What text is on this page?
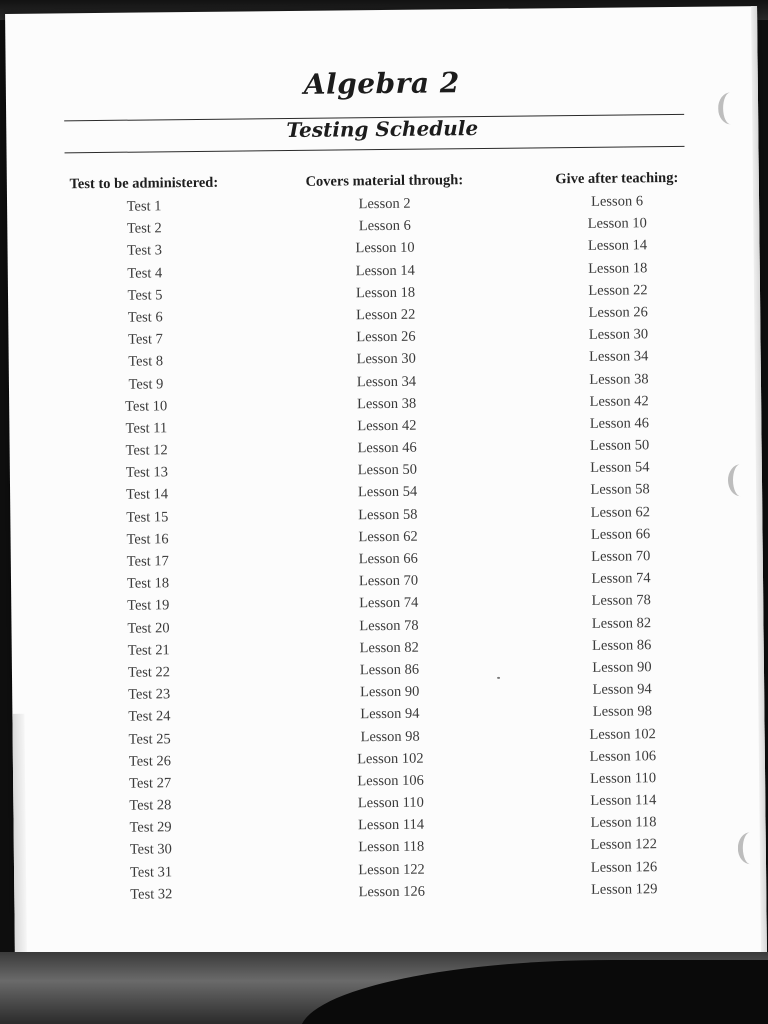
Algebra 2
Testing Schedule
Test to be administered:
Test 1
Test 2
Test 3
Test 4
Test 5
Test 6
Test 7
Test 8
Test 9
Test 10
Test 11
Test 12
Test 13
Test 14
Test 15
Test 16
Test 17
Test 18
Test 19
Test 20
Test 21
Test 22
Test 23
Test 24
Test 25
Test 26
Test 27
Test 28
Test 29
Test 30
Test 31
Test 32
Covers material through:
Lesson 2
Lesson 6
Lesson 10
Lesson 14
Lesson 18
Lesson 22
Lesson 26
Lesson 30
Lesson 34
Lesson 38
Lesson 42
Lesson 46
Lesson 50
Lesson 54
Lesson 58
Lesson 62
Lesson 66
Lesson 70
Lesson 74
Lesson 78
Lesson 82
Lesson 86
Lesson 90
Lesson 94
Lesson 98
Lesson 102
Lesson 106
Lesson 110
Lesson 114
Lesson 118
Lesson 122
Lesson 126
Give after teaching:
Lesson 6
Lesson 10
Lesson 14
Lesson 18
Lesson 22
Lesson 26
Lesson 30
Lesson 34
Lesson 38
Lesson 42
Lesson 46
Lesson 50
Lesson 54
Lesson 58
Lesson 62
Lesson 66
Lesson 70
Lesson 74
Lesson 78
Lesson 82
Lesson 86
Lesson 90
Lesson 94
Lesson 98
Lesson 102
Lesson 106
Lesson 110
Lesson 114
Lesson 118
Lesson 122
Lesson 126
Lesson 129
